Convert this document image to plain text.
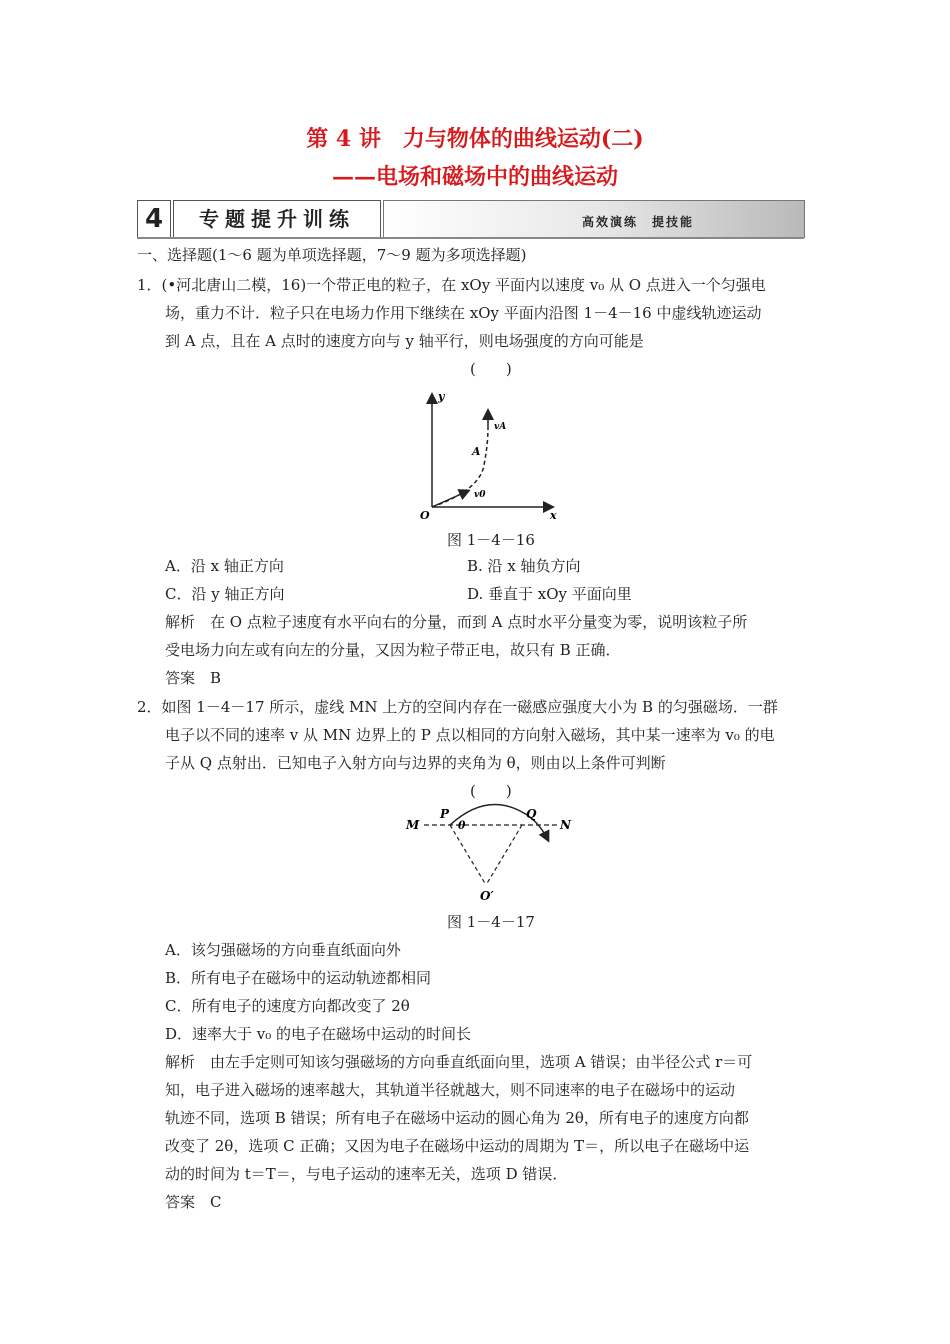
第 4 讲　力与物体的曲线运动(二)
——电场和磁场中的曲线运动
4	专题提升训练	高效演练　提技能
一、选择题(1～6 题为单项选择题，7～9 题为多项选择题)
1．(•河北唐山二模，16)一个带正电的粒子，在 xOy 平面内以速度 v₀ 从 O 点进入一个匀强电
场，重力不计．粒子只在电场力作用下继续在 xOy 平面内沿图 1－4－16 中虚线轨迹运动
到 A 点，且在 A 点时的速度方向与 y 轴平行，则电场强度的方向可能是
(　　)
y
x
O
A
vA
v0
图 1－4－16
A．沿 x 轴正方向	B. 沿 x 轴负方向
C．沿 y 轴正方向	D. 垂直于 xOy 平面向里
解析　在 O 点粒子速度有水平向右的分量，而到 A 点时水平分量变为零，说明该粒子所
受电场力向左或有向左的分量，又因为粒子带正电，故只有 B 正确．
答案　B
2．如图 1－4－17 所示，虚线 MN 上方的空间内存在一磁感应强度大小为 B 的匀强磁场．一群
电子以不同的速率 v 从 MN 边界上的 P 点以相同的方向射入磁场，其中某一速率为 v₀ 的电
子从 Q 点射出．已知电子入射方向与边界的夹角为 θ，则由以上条件可判断
(　　)
M	N
P	Q
θ
O′
图 1－4－17
A．该匀强磁场的方向垂直纸面向外
B．所有电子在磁场中的运动轨迹都相同
C．所有电子的速度方向都改变了 2θ
D．速率大于 v₀ 的电子在磁场中运动的时间长
解析　由左手定则可知该匀强磁场的方向垂直纸面向里，选项 A 错误；由半径公式 r＝可
知，电子进入磁场的速率越大，其轨道半径就越大，则不同速率的电子在磁场中的运动
轨迹不同，选项 B 错误；所有电子在磁场中运动的圆心角为 2θ，所有电子的速度方向都
改变了 2θ，选项 C 正确；又因为电子在磁场中运动的周期为 T＝，所以电子在磁场中运
动的时间为 t＝T＝，与电子运动的速率无关，选项 D 错误．
答案　C
